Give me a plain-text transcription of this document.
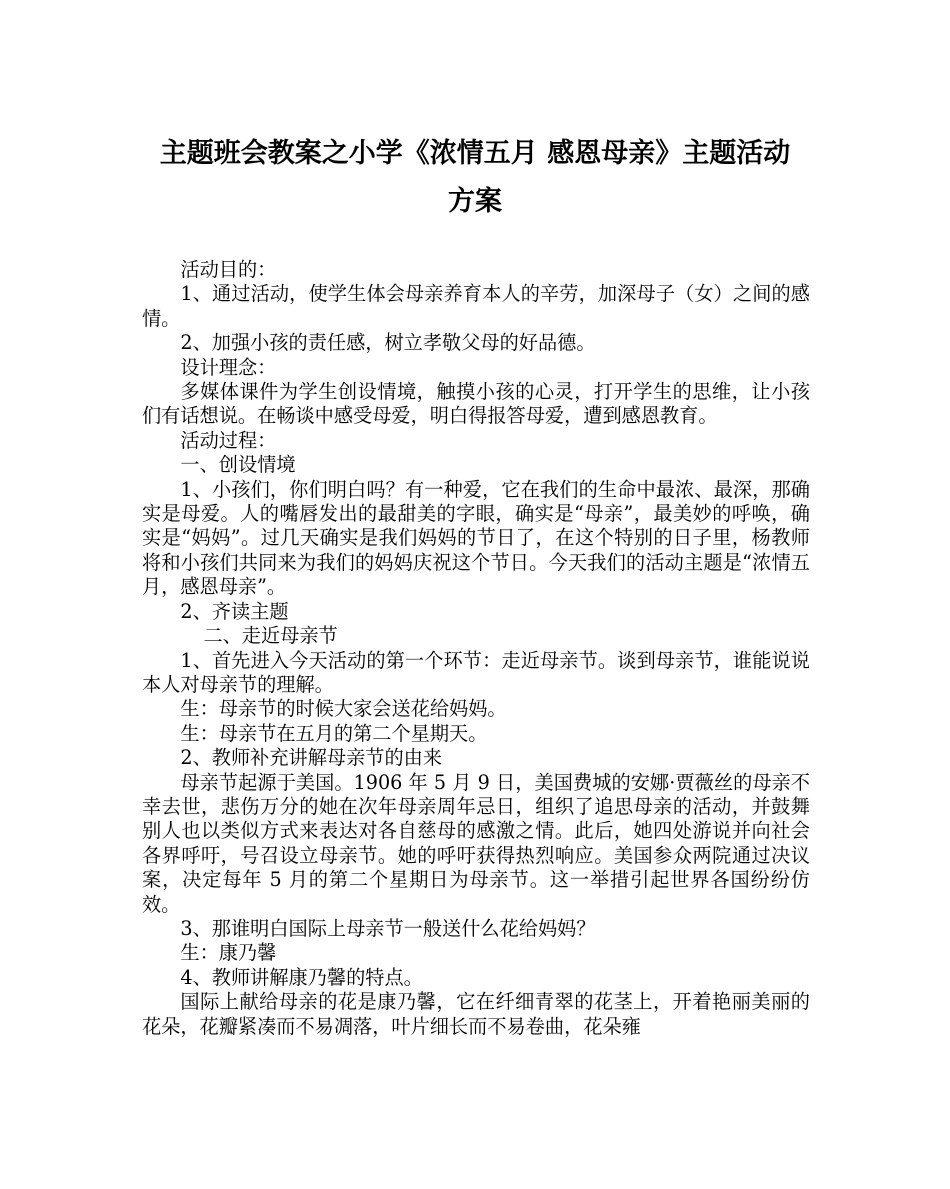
主题班会教案之小学《浓情五月 感恩母亲》主题活动
方案

活动目的：

1、通过活动，使学生体会母亲养育本人的辛劳，加深母子（女）之间的感情。

2、加强小孩的责任感，树立孝敬父母的好品德。

设计理念：

多媒体课件为学生创设情境，触摸小孩的心灵，打开学生的思维，让小孩们有话想说。在畅谈中感受母爱，明白得报答母爱，遭到感恩教育。

活动过程：

一、创设情境

1、小孩们，你们明白吗？有一种爱，它在我们的生命中最浓、最深，那确实是母爱。人的嘴唇发出的最甜美的字眼，确实是“母亲”，最美妙的呼唤，确实是“妈妈”。过几天确实是我们妈妈的节日了，在这个特别的日子里，杨教师将和小孩们共同来为我们的妈妈庆祝这个节日。今天我们的活动主题是“浓情五月，感恩母亲”。

2、齐读主题

二、走近母亲节

1、首先进入今天活动的第一个环节：走近母亲节。谈到母亲节，谁能说说本人对母亲节的理解。

生：母亲节的时候大家会送花给妈妈。

生：母亲节在五月的第二个星期天。

2、教师补充讲解母亲节的由来

母亲节起源于美国。1906 年 5 月 9 日，美国费城的安娜·贾薇丝的母亲不幸去世，悲伤万分的她在次年母亲周年忌日，组织了追思母亲的活动，并鼓舞别人也以类似方式来表达对各自慈母的感激之情。此后，她四处游说并向社会各界呼吁，号召设立母亲节。她的呼吁获得热烈响应。美国参众两院通过决议案，决定每年 5 月的第二个星期日为母亲节。这一举措引起世界各国纷纷仿效。

3、那谁明白国际上母亲节一般送什么花给妈妈？

生：康乃馨

4、教师讲解康乃馨的特点。

国际上献给母亲的花是康乃馨，它在纤细青翠的花茎上，开着艳丽美丽的花朵，花瓣紧凑而不易凋落，叶片细长而不易卷曲，花朵雍
